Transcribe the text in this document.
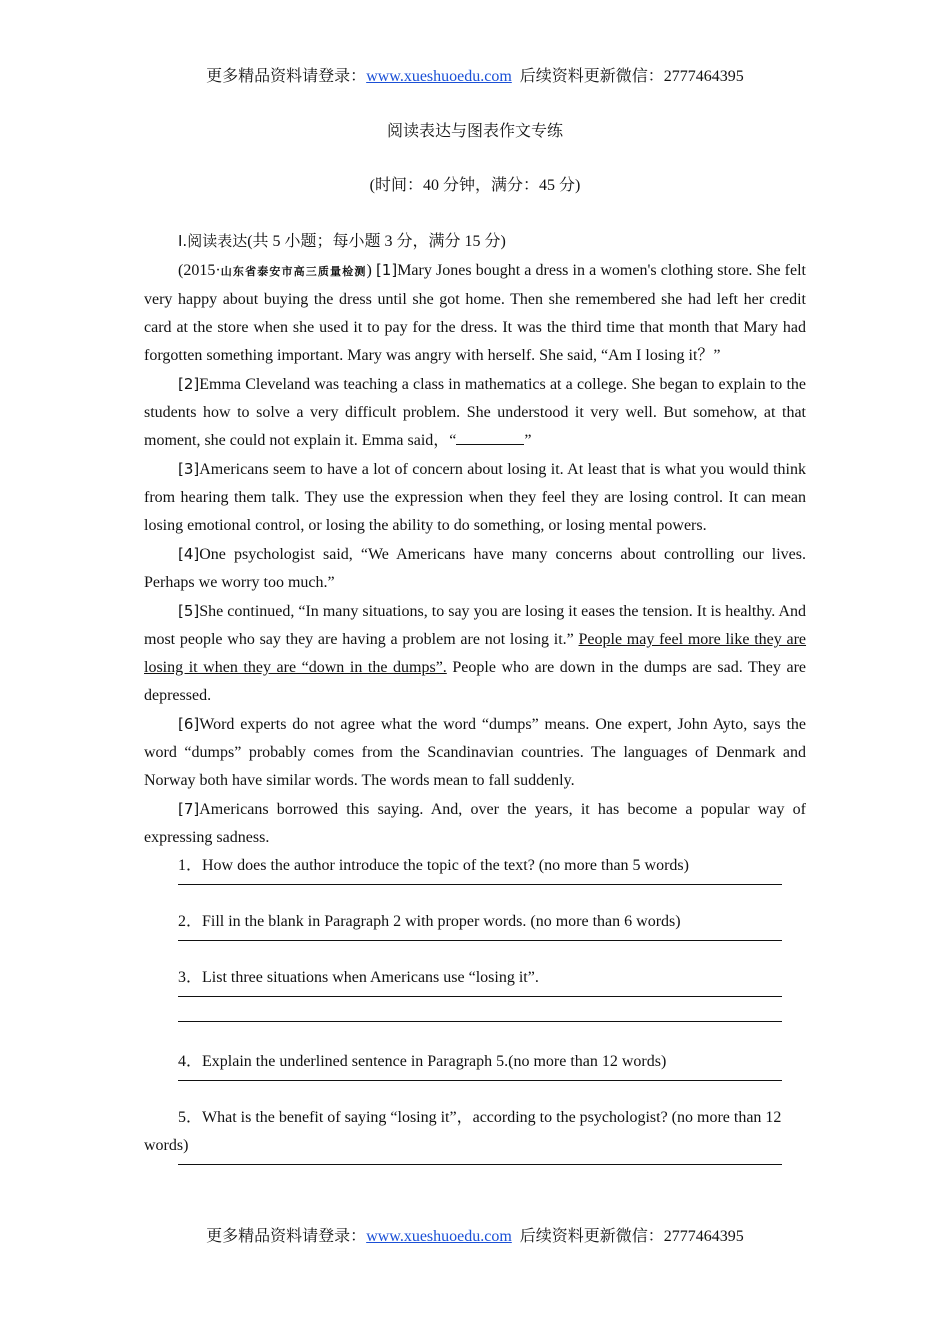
更多精品资料请登录：www.xueshuoedu.com 后续资料更新微信：2777464395
阅读表达与图表作文专练
(时间：40 分钟，满分：45 分)

Ⅰ.阅读表达(共 5 小题；每小题 3 分，满分 15 分)

(2015·山东省泰安市高三质量检测) [1]Mary Jones bought a dress in a women's clothing store. She felt very happy about buying the dress until she got home. Then she remembered she had left her credit card at the store when she used it to pay for the dress. It was the third time that month that Mary had forgotten something important. Mary was angry with herself. She said, “Am I losing it？”

[2]Emma Cleveland was teaching a class in mathematics at a college. She began to explain to the students how to solve a very difficult problem. She understood it very well. But somehow, at that moment, she could not explain it. Emma said，“	”

[3]Americans seem to have a lot of concern about losing it. At least that is what you would think from hearing them talk. They use the expression when they feel they are losing control. It can mean losing emotional control, or losing the ability to do something, or losing mental powers.

[4]One psychologist said, “We Americans have many concerns about controlling our lives. Perhaps we worry too much.”

[5]She continued, “In many situations, to say you are losing it eases the tension. It is healthy. And most people who say they are having a problem are not losing it.” People may feel more like they are losing it when they are “down in the dumps”. People who are down in the dumps are sad. They are depressed.

[6]Word experts do not agree what the word “dumps” means. One expert, John Ayto, says the word “dumps” probably comes from the Scandinavian countries. The languages of Denmark and Norway both have similar words. The words mean to fall suddenly.

[7]Americans borrowed this saying. And, over the years, it has become a popular way of expressing sadness.

1．How does the author introduce the topic of the text? (no more than 5 words)

2．Fill in the blank in Paragraph 2 with proper words. (no more than 6 words)

3．List three situations when Americans use “losing it”.

4．Explain the underlined sentence in Paragraph 5.(no more than 12 words)

5．What is the benefit of saying “losing it”，according to the psychologist? (no more than 12 words)

更多精品资料请登录：www.xueshuoedu.com 后续资料更新微信：2777464395
